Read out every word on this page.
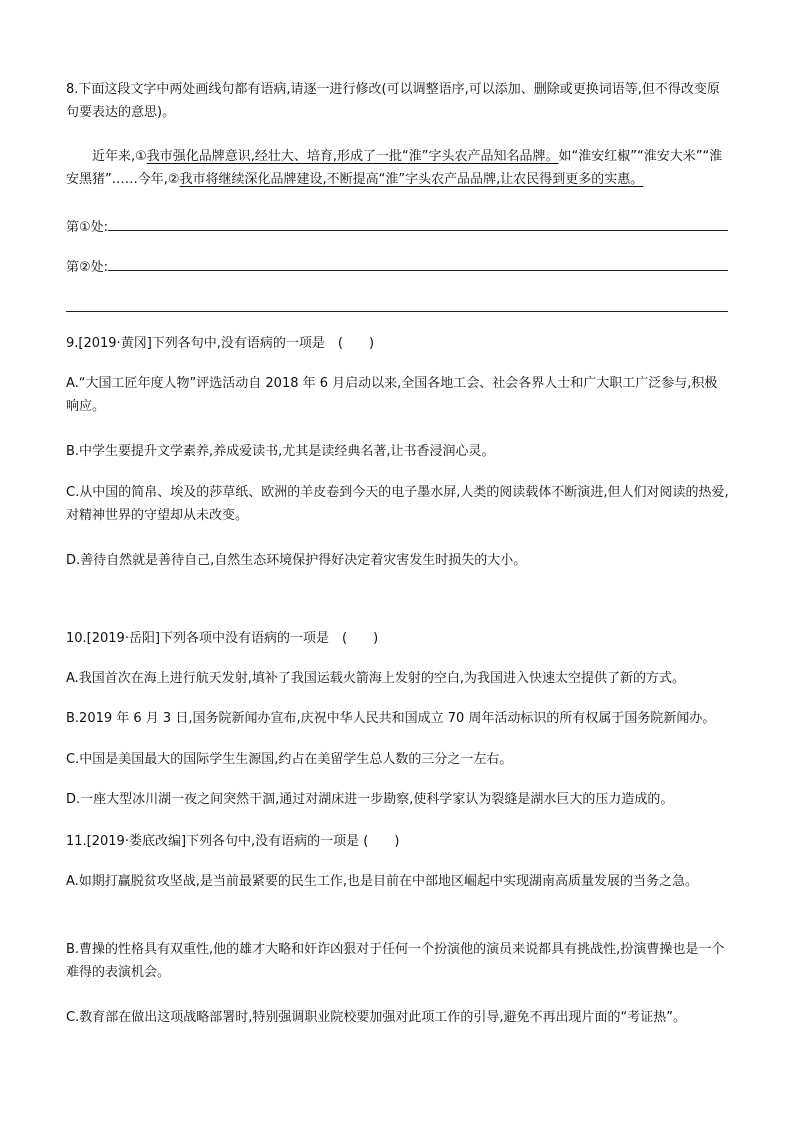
8.下面这段文字中两处画线句都有语病,请逐一进行修改(可以调整语序,可以添加、删除或更换词语等,但不得改变原句要表达的意思)。

近年来,①我市强化品牌意识,经壮大、培育,形成了一批“淮”字头农产品知名品牌。如“淮安红椒”“淮安大米”“淮安黑猪”……今年,②我市将继续深化品牌建设,不断提高“淮”字头农产品品牌,让农民得到更多的实惠。

第①处:
第②处:

9.[2019·黄冈]下列各句中,没有语病的一项是　(　　)

A.“大国工匠年度人物”评选活动自 2018 年 6 月启动以来,全国各地工会、社会各界人士和广大职工广泛参与,积极响应。

B.中学生要提升文学素养,养成爱读书,尤其是读经典名著,让书香浸润心灵。

C.从中国的简帛、埃及的莎草纸、欧洲的羊皮卷到今天的电子墨水屏,人类的阅读载体不断演进,但人们对阅读的热爱,对精神世界的守望却从未改变。

D.善待自然就是善待自己,自然生态环境保护得好决定着灾害发生时损失的大小。

10.[2019·岳阳]下列各项中没有语病的一项是　(　　)

A.我国首次在海上进行航天发射,填补了我国运载火箭海上发射的空白,为我国进入快速太空提供了新的方式。

B.2019 年 6 月 3 日,国务院新闻办宣布,庆祝中华人民共和国成立 70 周年活动标识的所有权属于国务院新闻办。

C.中国是美国最大的国际学生生源国,约占在美留学生总人数的三分之一左右。

D.一座大型冰川湖一夜之间突然干涸,通过对湖床进一步勘察,使科学家认为裂缝是湖水巨大的压力造成的。

11.[2019·娄底改编]下列各句中,没有语病的一项是 (　　)

A.如期打赢脱贫攻坚战,是当前最紧要的民生工作,也是目前在中部地区崛起中实现湖南高质量发展的当务之急。

B.曹操的性格具有双重性,他的雄才大略和奸诈凶狠对于任何一个扮演他的演员来说都具有挑战性,扮演曹操也是一个难得的表演机会。

C.教育部在做出这项战略部署时,特别强调职业院校要加强对此项工作的引导,避免不再出现片面的“考证热”。
